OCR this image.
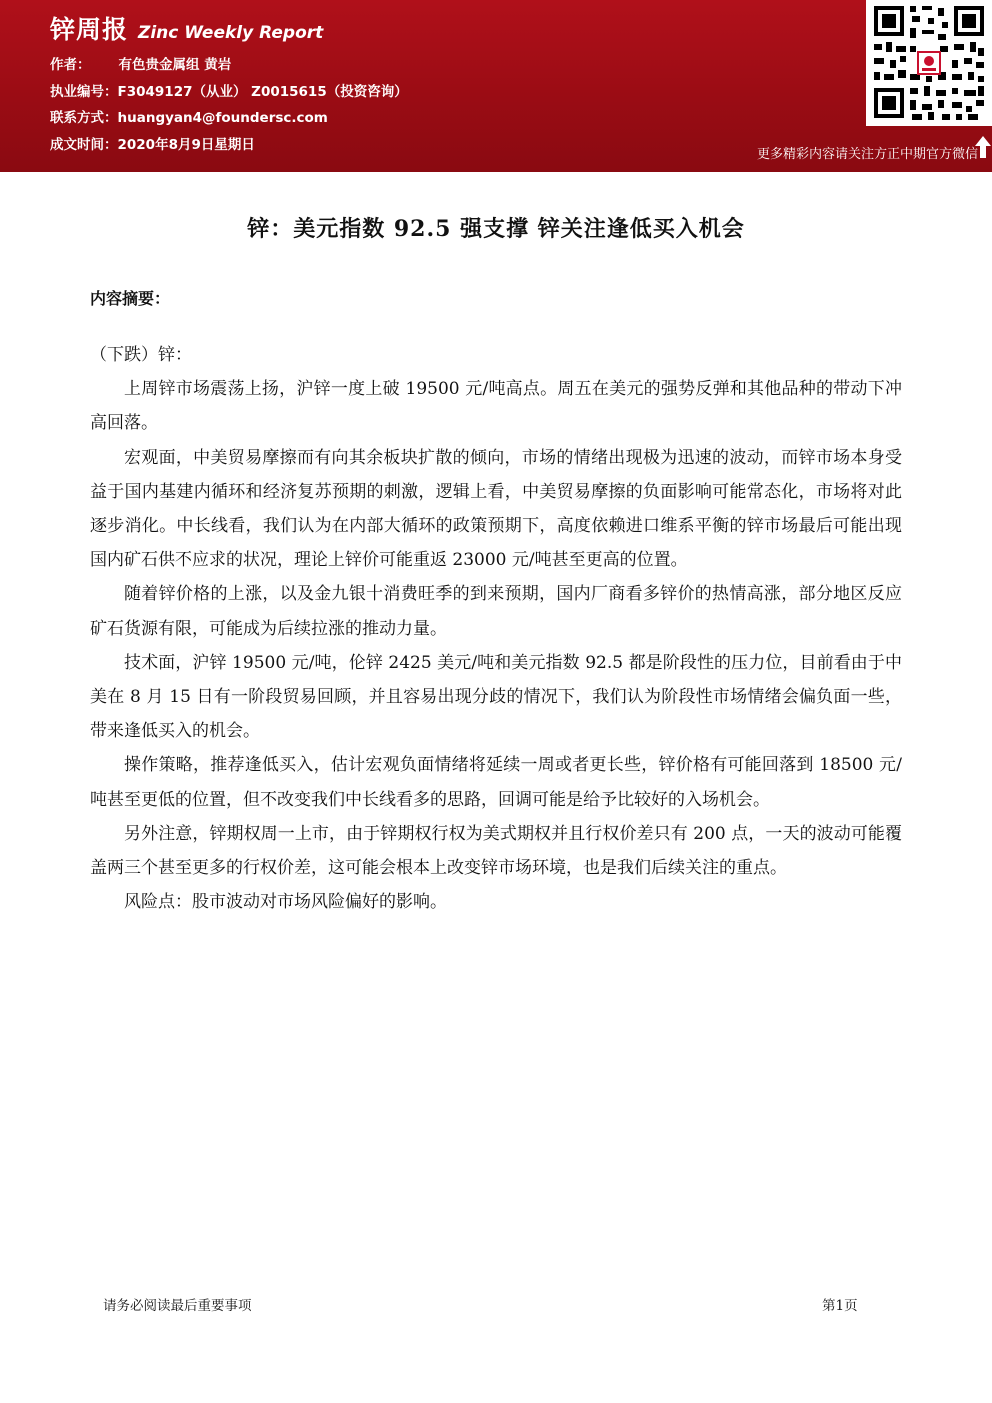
锌周报 Zinc Weekly Report
作者： 有色贵金属组 黄岩
执业编号：F3049127（从业） Z0015615（投资咨询）
联系方式：huangyan4@foundersc.com
成文时间：2020年8月9日星期日
更多精彩内容请关注方正中期官方微信
锌：美元指数 92.5 强支撑 锌关注逢低买入机会
内容摘要：

（下跌）锌：

上周锌市场震荡上扬，沪锌一度上破 19500 元/吨高点。周五在美元的强势反弹和其他品种的带动下冲高回落。

宏观面，中美贸易摩擦而有向其余板块扩散的倾向，市场的情绪出现极为迅速的波动，而锌市场本身受益于国内基建内循环和经济复苏预期的刺激，逻辑上看，中美贸易摩擦的负面影响可能常态化，市场将对此逐步消化。中长线看，我们认为在内部大循环的政策预期下，高度依赖进口维系平衡的锌市场最后可能出现国内矿石供不应求的状况，理论上锌价可能重返 23000 元/吨甚至更高的位置。

随着锌价格的上涨，以及金九银十消费旺季的到来预期，国内厂商看多锌价的热情高涨，部分地区反应矿石货源有限，可能成为后续拉涨的推动力量。

技术面，沪锌 19500 元/吨，伦锌 2425 美元/吨和美元指数 92.5 都是阶段性的压力位，目前看由于中美在 8 月 15 日有一阶段贸易回顾，并且容易出现分歧的情况下，我们认为阶段性市场情绪会偏负面一些，带来逢低买入的机会。

操作策略，推荐逢低买入，估计宏观负面情绪将延续一周或者更长些，锌价格有可能回落到 18500 元/吨甚至更低的位置，但不改变我们中长线看多的思路，回调可能是给予比较好的入场机会。

另外注意，锌期权周一上市，由于锌期权行权为美式期权并且行权价差只有 200 点，一天的波动可能覆盖两三个甚至更多的行权价差，这可能会根本上改变锌市场环境，也是我们后续关注的重点。

风险点：股市波动对市场风险偏好的影响。

请务必阅读最后重要事项	第1页
